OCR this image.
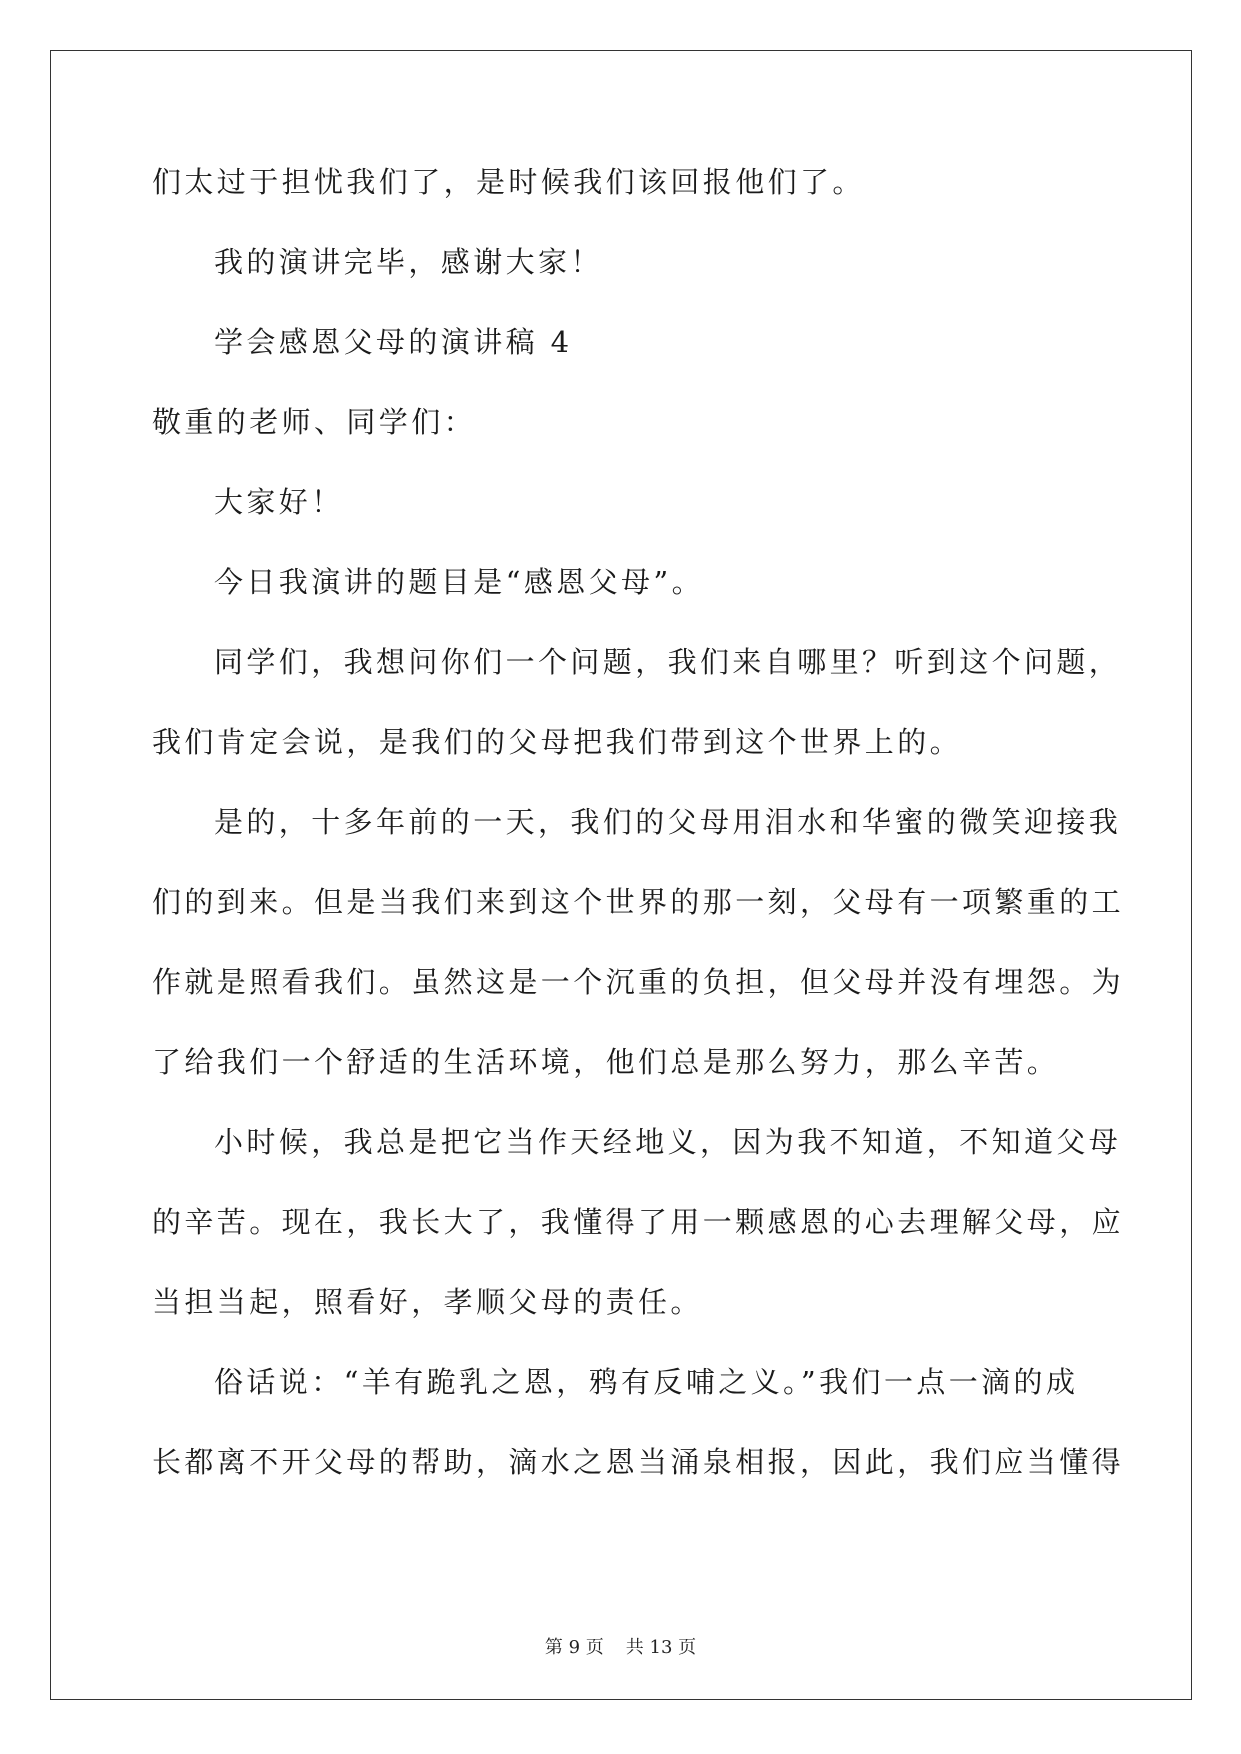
们太过于担忧我们了，是时候我们该回报他们了。
我的演讲完毕，感谢大家！
学会感恩父母的演讲稿 4
敬重的老师、同学们：
大家好！
今日我演讲的题目是“感恩父母”。
同学们，我想问你们一个问题，我们来自哪里？听到这个问题，
我们肯定会说，是我们的父母把我们带到这个世界上的。
是的，十多年前的一天，我们的父母用泪水和华蜜的微笑迎接我
们的到来。但是当我们来到这个世界的那一刻，父母有一项繁重的工
作就是照看我们。虽然这是一个沉重的负担，但父母并没有埋怨。为
了给我们一个舒适的生活环境，他们总是那么努力，那么辛苦。
小时候，我总是把它当作天经地义，因为我不知道，不知道父母
的辛苦。现在，我长大了，我懂得了用一颗感恩的心去理解父母，应
当担当起，照看好，孝顺父母的责任。
俗话说：“羊有跪乳之恩，鸦有反哺之义。”我们一点一滴的成
长都离不开父母的帮助，滴水之恩当涌泉相报，因此，我们应当懂得
第 9 页 共 13 页
